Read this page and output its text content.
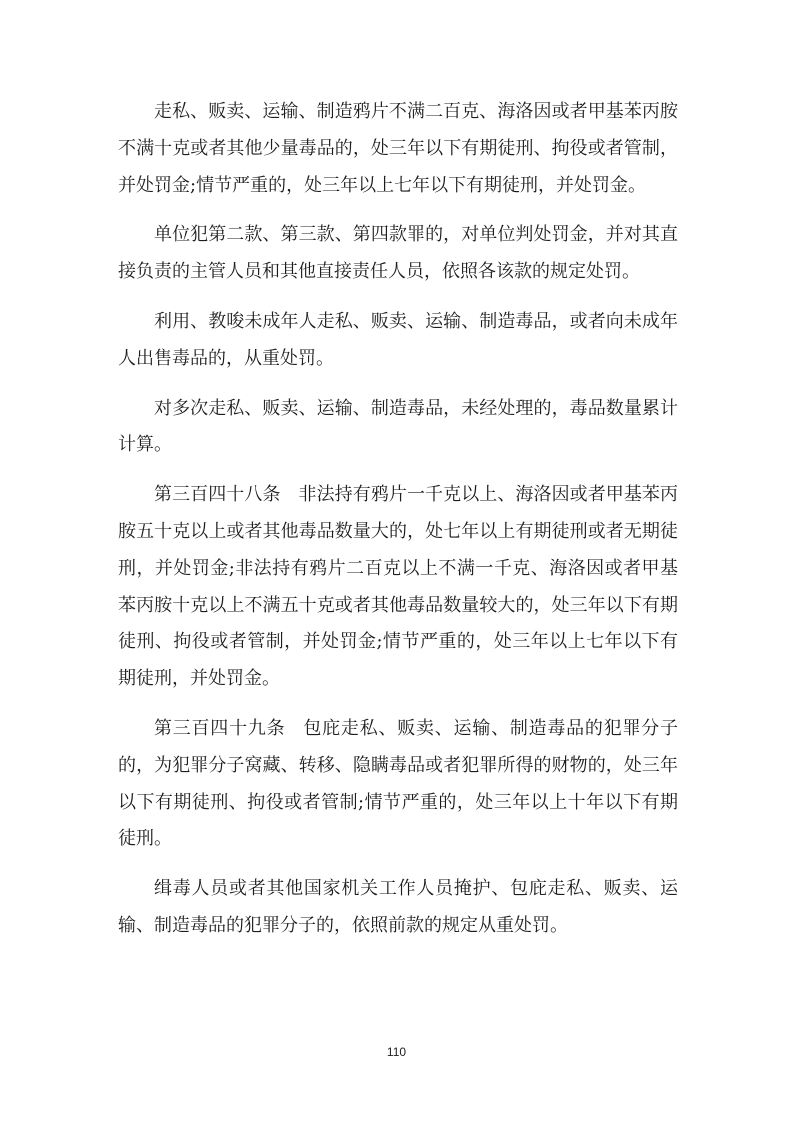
走私、贩卖、运输、制造鸦片不满二百克、海洛因或者甲基苯丙胺不满十克或者其他少量毒品的，处三年以下有期徒刑、拘役或者管制，并处罚金;情节严重的，处三年以上七年以下有期徒刑，并处罚金。

单位犯第二款、第三款、第四款罪的，对单位判处罚金，并对其直接负责的主管人员和其他直接责任人员，依照各该款的规定处罚。

利用、教唆未成年人走私、贩卖、运输、制造毒品，或者向未成年人出售毒品的，从重处罚。

对多次走私、贩卖、运输、制造毒品，未经处理的，毒品数量累计计算。

第三百四十八条 非法持有鸦片一千克以上、海洛因或者甲基苯丙胺五十克以上或者其他毒品数量大的，处七年以上有期徒刑或者无期徒刑，并处罚金;非法持有鸦片二百克以上不满一千克、海洛因或者甲基苯丙胺十克以上不满五十克或者其他毒品数量较大的，处三年以下有期徒刑、拘役或者管制，并处罚金;情节严重的，处三年以上七年以下有期徒刑，并处罚金。

第三百四十九条 包庇走私、贩卖、运输、制造毒品的犯罪分子的，为犯罪分子窝藏、转移、隐瞒毒品或者犯罪所得的财物的，处三年以下有期徒刑、拘役或者管制;情节严重的，处三年以上十年以下有期徒刑。

缉毒人员或者其他国家机关工作人员掩护、包庇走私、贩卖、运输、制造毒品的犯罪分子的，依照前款的规定从重处罚。

110
